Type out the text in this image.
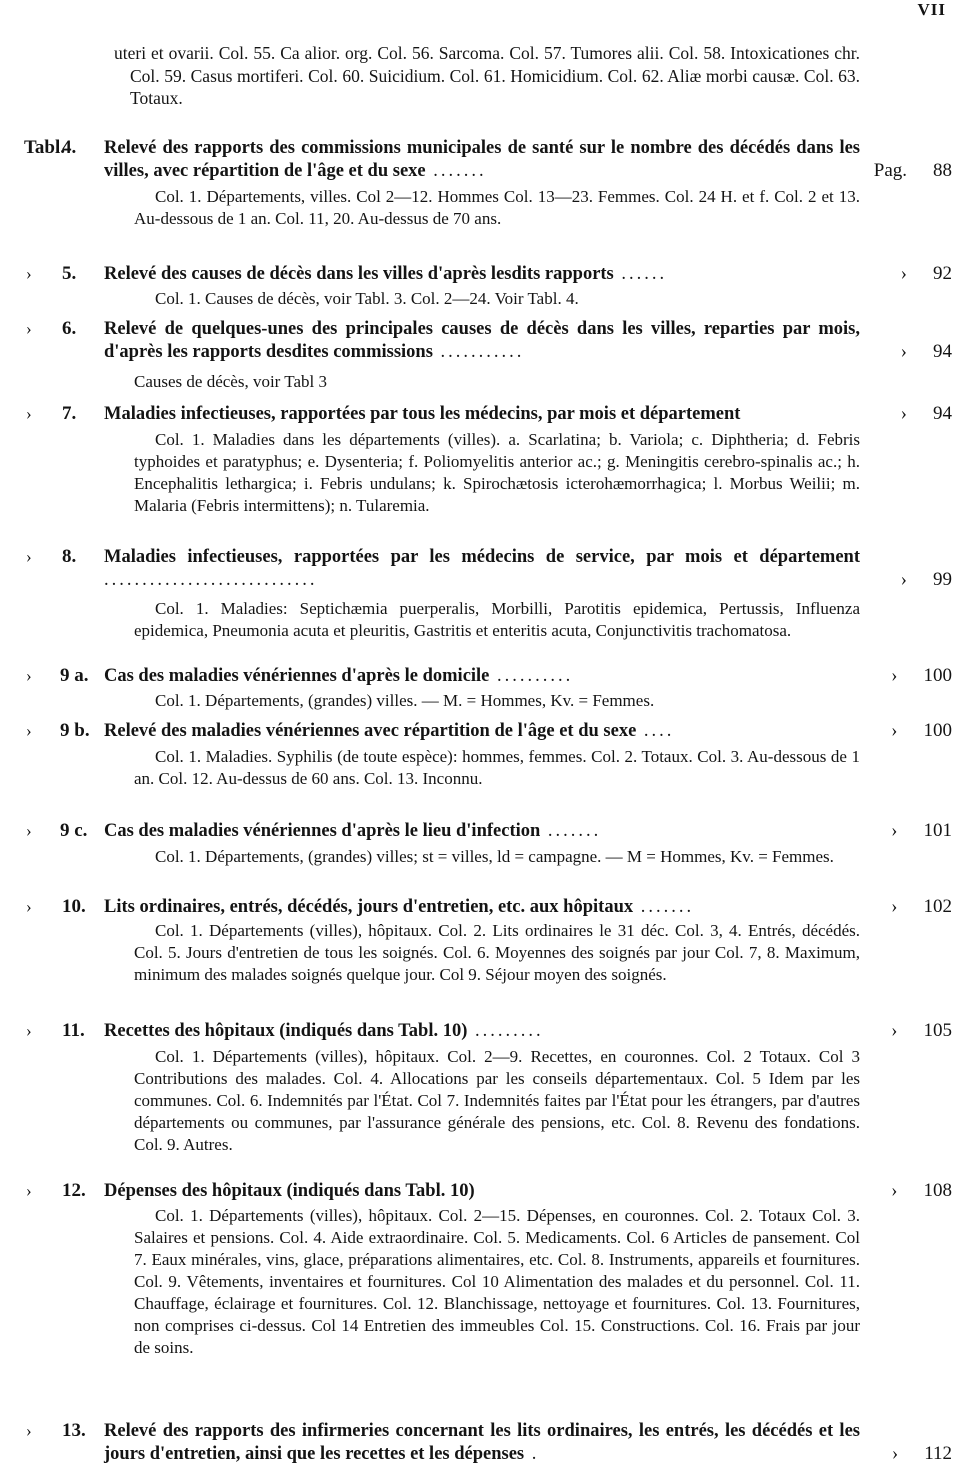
VII

uteri et ovarii. Col. 55. Ca alior. org. Col. 56. Sarcoma. Col. 57. Tumores alii. Col. 58. Intoxicationes chr. Col. 59. Casus mortiferi. Col. 60. Suicidium. Col. 61. Homicidium. Col. 62. Aliæ morbi causæ. Col. 63. Totaux.

Tabl.
4. Relevé des rapports des commissions municipales de santé sur le nombre des décédés dans les villes, avec répartition de l'âge et du sexe .......	Pag. 88

Col. 1. Départements, villes. Col 2—12. Hommes Col. 13—23. Femmes. Col. 24 H. et f. Col. 2 et 13. Au-dessous de 1 an. Col. 11, 20. Au-dessus de 70 ans.

› 5. Relevé des causes de décès dans les villes d'après lesdits rapports ......	› 92

Col. 1. Causes de décès, voir Tabl. 3. Col. 2—24. Voir Tabl. 4.

› 6. Relevé de quelques-unes des principales causes de décès dans les villes, reparties par mois, d'après les rapports desdites commissions ...........	› 94

Causes de décès, voir Tabl 3

› 7. Maladies infectieuses, rapportées par tous les médecins, par mois et département	› 94

Col. 1. Maladies dans les départements (villes). a. Scarlatina; b. Variola; c. Diphtheria; d. Febris typhoides et paratyphus; e. Dysenteria; f. Poliomyelitis anterior ac.; g. Meningitis cerebro-spinalis ac.; h. Encephalitis lethargica; i. Febris undulans; k. Spirochætosis icterohæmorrhagica; l. Morbus Weilii; m. Malaria (Febris intermittens); n. Tularemia.

› 8. Maladies infectieuses, rapportées par les médecins de service, par mois et département ............................	› 99

Col. 1. Maladies: Septichæmia puerperalis, Morbilli, Parotitis epidemica, Pertussis, Influenza epidemica, Pneumonia acuta et pleuritis, Gastritis et enteritis acuta, Conjunctivitis trachomatosa.

› 9 a. Cas des maladies vénériennes d'après le domicile ..........	› 100

Col. 1. Départements, (grandes) villes. — M. = Hommes, Kv. = Femmes.

› 9 b. Relevé des maladies vénériennes avec répartition de l'âge et du sexe ....	› 100

Col. 1. Maladies. Syphilis (de toute espèce): hommes, femmes. Col. 2. Totaux. Col. 3. Au-dessous de 1 an. Col. 12. Au-dessus de 60 ans. Col. 13. Inconnu.

› 9 c. Cas des maladies vénériennes d'après le lieu d'infection .......	› 101

Col. 1. Départements, (grandes) villes; st = villes, ld = campagne. — M = Hommes, Kv. = Femmes.

› 10. Lits ordinaires, entrés, décédés, jours d'entretien, etc. aux hôpitaux .......	› 102

Col. 1. Départements (villes), hôpitaux. Col. 2. Lits ordinaires le 31 déc. Col. 3, 4. Entrés, décédés. Col. 5. Jours d'entretien de tous les soignés. Col. 6. Moyennes des soignés par jour Col. 7, 8. Maximum, minimum des malades soignés quelque jour. Col 9. Séjour moyen des soignés.

› 11. Recettes des hôpitaux (indiqués dans Tabl. 10) .........	› 105

Col. 1. Départements (villes), hôpitaux. Col. 2—9. Recettes, en couronnes. Col. 2 Totaux. Col 3 Contributions des malades. Col. 4. Allocations par les conseils départementaux. Col. 5 Idem par les communes. Col. 6. Indemnités par l'État. Col 7. Indemnités faites par l'État pour les étrangers, par d'autres départements ou communes, par l'assurance générale des pensions, etc. Col. 8. Revenu des fondations. Col. 9. Autres.

› 12. Dépenses des hôpitaux (indiqués dans Tabl. 10)	› 108

Col. 1. Départements (villes), hôpitaux. Col. 2—15. Dépenses, en couronnes. Col. 2. Totaux Col. 3. Salaires et pensions. Col. 4. Aide extraordinaire. Col. 5. Medicaments. Col. 6 Articles de pansement. Col 7. Eaux minérales, vins, glace, préparations alimentaires, etc. Col. 8. Instruments, appareils et fournitures. Col. 9. Vêtements, inventaires et fournitures. Col 10 Alimentation des malades et du personnel. Col. 11. Chauffage, éclairage et fournitures. Col. 12. Blanchissage, nettoyage et fournitures. Col. 13. Fournitures, non comprises ci-dessus. Col 14 Entretien des immeubles Col. 15. Constructions. Col. 16. Frais par jour de soins.

› 13. Relevé des rapports des infirmeries concernant les lits ordinaires, les entrés, les décédés et les jours d'entretien, ainsi que les recettes et les dépenses .	› 112
